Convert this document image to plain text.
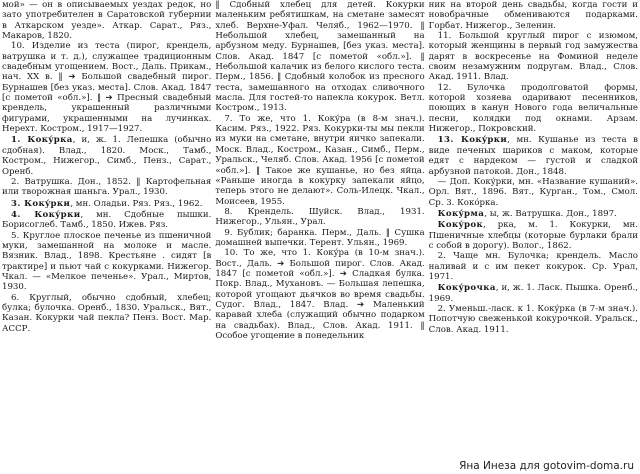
мой» — он в описываемых уездах редок, но зато употребителен в Саратовской губернии в Аткарском уезде». Аткар. Сарат., Ряз., Макаров, 1820.

10. Изделие из теста (пирог, крендель, ватрушка и т. д.), служащее традиционным свадебным угощением. Вост., Даль. Прикам., нач. XX в. ‖ ➔ Большой свадебный пирог. Бурнашев [без указ. места]. Слов. Акад. 1847 [с пометой «обл.»]. ‖ ➔ Пресный свадебный крендель, украшенный различными фигурами, украшенными на лучинках. Нерехт. Костром., 1917—1927.

1. Кокýрка, и, ж. 1. Лепешка (обычно сдобная). Влад., 1820. Моск., Тамб., Костром., Нижегор., Симб., Пенз., Сарат., Оренб.

2. Ватрушка. Дон., 1852. ‖ Картофельная или творожная шаньга. Урал., 1930.

3. Кокýрки, мн. Оладьи. Ряз. Ряз., 1962.

4. Кокýрки, мн. Сдобные пышки. Борисоглеб. Тамб., 1850. Ижев. Ряз.

5. Круглое плоское печенье из пшеничной муки, замешанной на молоке и масле. Вязник. Влад., 1898. Крестьяне . сидят [в трактире] и пьют чай с кокурками. Нижегор. Чкал. — «Мелкое печенье». Урал., Миртов, 1930.

6. Круглый, обычно сдобный, хлебец; булка; булочка. Оренб., 1830. Уральск., Вят., Казан. Кокурки чай пекла? Пенз. Вост. Мар. АССР.

‖ Сдобный хлебец для детей. Кокурки маленьким ребятишкам, на сметане замесят хлеб. Верхне-Уфал. Челяб., 1962—1970. ‖ Небольшой хлебец, замешанный на арбузном меду. Бурнашев, [без указ. места]. Слов. Акад. 1847 [с пометой «обл.»]. ‖ Небольшой калачик из белого кислого теста. Перм., 1856. ‖ Сдобный колобок из пресного теста, замешанного на отходах сливочного масла. Для гостей-то напекла кокурок. Ветл. Костром., 1913.

7. То же, что 1. Кокýра (в 8-м знач.). Касим. Ряз., 1922. Ряз. Кокурки-ты мы пекли из муки на сметане, внутри яичко запекали. Моск. Влад., Костром., Казан., Симб., Перм., Уральск., Челяб. Слов. Акад. 1956 [с пометой «обл.»]. ‖ Такое же кушанье, но без яйца. «Раньше иногда в кокурку запекали яйцо, теперь этого не делают». Соль-Илецк. Чкал., Моисеев, 1955.

8. Крендель. Шуйск. Влад., 1931. Нижегор., Ульян., Урал.

9. Бублик; баранка. Перм., Даль. ‖ Сушка домашней выпечки. Терент. Ульян., 1969.

10. То же, что 1. Кокýра (в 10-м знач.). Вост., Даль. ➔ Большой пирог. Слов. Акад. 1847 [с пометой «обл.»]. ➔ Сладкая булка. Покр. Влад., Мухановъ. — Большая лепешка, которой угощают дьячков во время свадьбы. Судог. Влад., 1847. Влад. ➔ Маленький каравай хлеба (служащий обычно подарком на свадьбах). Влад., Слов. Акад. 1911. ‖ Особое угощение в понедельник

ник на второй день свадьбы, когда гости и новобрачные обмениваются подарками. Горбат. Нижегор., Зеленин.

11. Большой круглый пирог с изюмом, который женщины в первый год замужества дарят в воскресенье на Фоминой неделе своим незамужним подругам. Влад., Слов. Акад. 1911. Влад.

12. Булочка продолговатой формы, которой хозяева одаривают песенников, поющих в канун Нового года величальные песни, колядки под окнами. Арзам. Нижегор., Покровский.

13. Кокýрки, мн. Кушанье из теста в виде печеных шариков с маком, которые едят с нардеком — густой и сладкой арбузной патокой. Дон., 1848.

— Доп. Кокýрки, мн. «Название кушаний». Орл. Вят., 1896. Вят., Курган., Том., Смол. Ср. 3. Кокóрка.

Кокýрма, ы, ж. Ватрушка. Дон., 1897.

Кокýрок, рка, м. 1. Кокурки, мн. Пшеничные хлебцы (которые бурлаки брали с собой в дорогу). Волог., 1862.

2. Чаще мн. Булочка; крендель. Масло наливай и с им пекет кокурок. Ср. Урал, 1971.

Кокýрочка, и, ж. 1. Ласк. Пышка. Оренб., 1969.

2. Уменьш.-ласк. к 1. Кокýрка (в 7-м знач.). Попотчую свеженькой кокурочкой. Уральск., Слов. Акад. 1911.

Яна Инеза для gotovim-doma.ru
